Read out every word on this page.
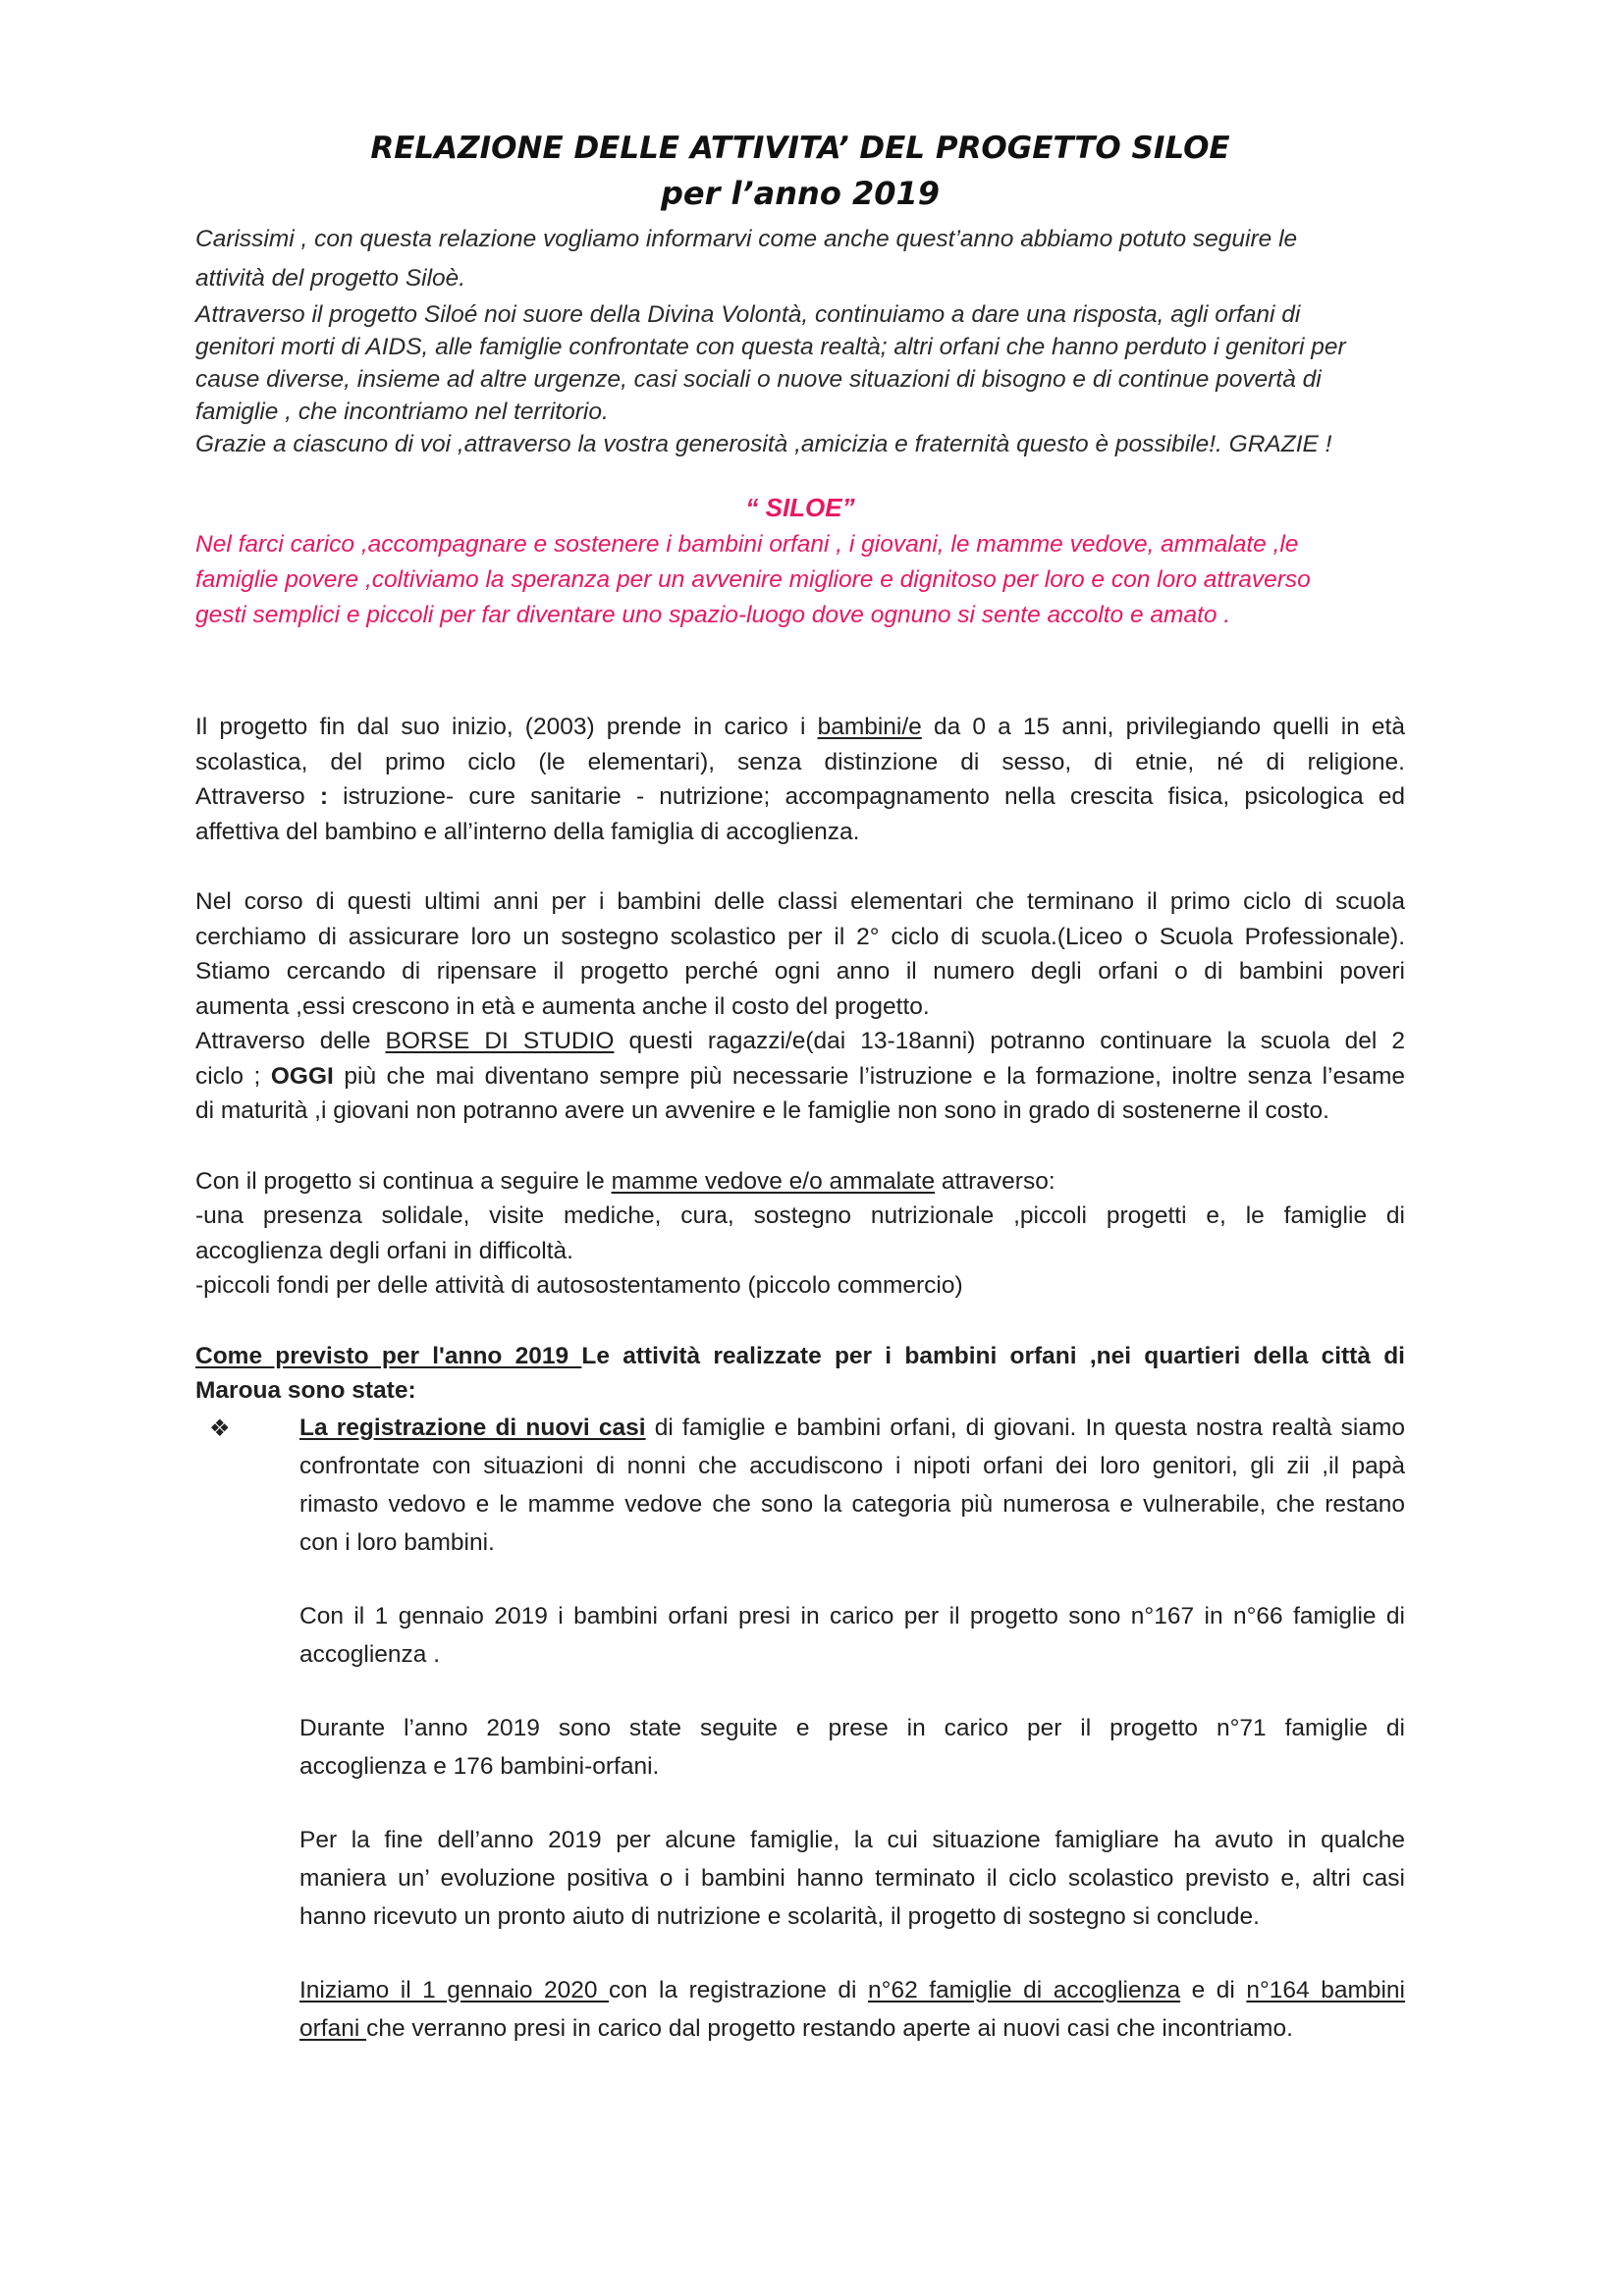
RELAZIONE DELLE ATTIVITA’ DEL PROGETTO SILOE
per l’anno 2019

Carissimi , con questa relazione vogliamo informarvi come anche quest’anno abbiamo potuto seguire le
attività del progetto Siloè.
Attraverso il progetto Siloé noi suore della Divina Volontà, continuiamo a dare una risposta, agli orfani di
genitori morti di AIDS, alle famiglie confrontate con questa realtà; altri orfani che hanno perduto i genitori per
cause diverse, insieme ad altre urgenze, casi sociali o nuove situazioni di bisogno e di continue povertà di
famiglie , che incontriamo nel territorio.
Grazie a ciascuno di voi ,attraverso la vostra generosità ,amicizia e fraternità questo è possibile!. GRAZIE !

“ SILOE”

Nel farci carico ,accompagnare e sostenere i bambini orfani , i giovani, le mamme vedove, ammalate ,le
famiglie povere ,coltiviamo la speranza per un avvenire migliore e dignitoso per loro e con loro attraverso
gesti semplici e piccoli per far diventare uno spazio-luogo dove ognuno si sente accolto e amato .

Il progetto fin dal suo inizio, (2003) prende in carico i bambini/e da 0 a 15 anni, privilegiando quelli in età
scolastica, del primo ciclo (le elementari), senza distinzione di sesso, di etnie, né di religione.
Attraverso : istruzione- cure sanitarie - nutrizione; accompagnamento nella crescita fisica, psicologica ed
affettiva del bambino e all’interno della famiglia di accoglienza.

Nel corso di questi ultimi anni per i bambini delle classi elementari che terminano il primo ciclo di scuola
cerchiamo di assicurare loro un sostegno scolastico per il 2° ciclo di scuola.(Liceo o Scuola Professionale).
Stiamo cercando di ripensare il progetto perché ogni anno il numero degli orfani o di bambini poveri
aumenta ,essi crescono in età e aumenta anche il costo del progetto.
Attraverso delle BORSE DI STUDIO questi ragazzi/e(dai 13-18anni) potranno continuare la scuola del 2
ciclo ; OGGI più che mai diventano sempre più necessarie l’istruzione e la formazione, inoltre senza l’esame
di maturità ,i giovani non potranno avere un avvenire e le famiglie non sono in grado di sostenerne il costo.

Con il progetto si continua a seguire le mamme vedove e/o ammalate attraverso:
-una presenza solidale, visite mediche, cura, sostegno nutrizionale ,piccoli progetti e, le famiglie di
accoglienza degli orfani in difficoltà.
-piccoli fondi per delle attività di autosostentamento (piccolo commercio)

Come previsto per l'anno 2019 Le attività realizzate per i bambini orfani ,nei quartieri della città di
Maroua sono state:

❖	La registrazione di nuovi casi di famiglie e bambini orfani, di giovani. In questa nostra realtà siamo
confrontate con situazioni di nonni che accudiscono i nipoti orfani dei loro genitori, gli zii ,il papà
rimasto vedovo e le mamme vedove che sono la categoria più numerosa e vulnerabile, che restano
con i loro bambini.

Con il 1 gennaio 2019 i bambini orfani presi in carico per il progetto sono n°167 in n°66 famiglie di
accoglienza .

Durante l’anno 2019 sono state seguite e prese in carico per il progetto n°71 famiglie di
accoglienza e 176 bambini-orfani.

Per la fine dell’anno 2019 per alcune famiglie, la cui situazione famigliare ha avuto in qualche
maniera un’ evoluzione positiva o i bambini hanno terminato il ciclo scolastico previsto e, altri casi
hanno ricevuto un pronto aiuto di nutrizione e scolarità, il progetto di sostegno si conclude.

Iniziamo il 1 gennaio 2020 con la registrazione di n°62 famiglie di accoglienza e di n°164 bambini
orfani che verranno presi in carico dal progetto restando aperte ai nuovi casi che incontriamo.
